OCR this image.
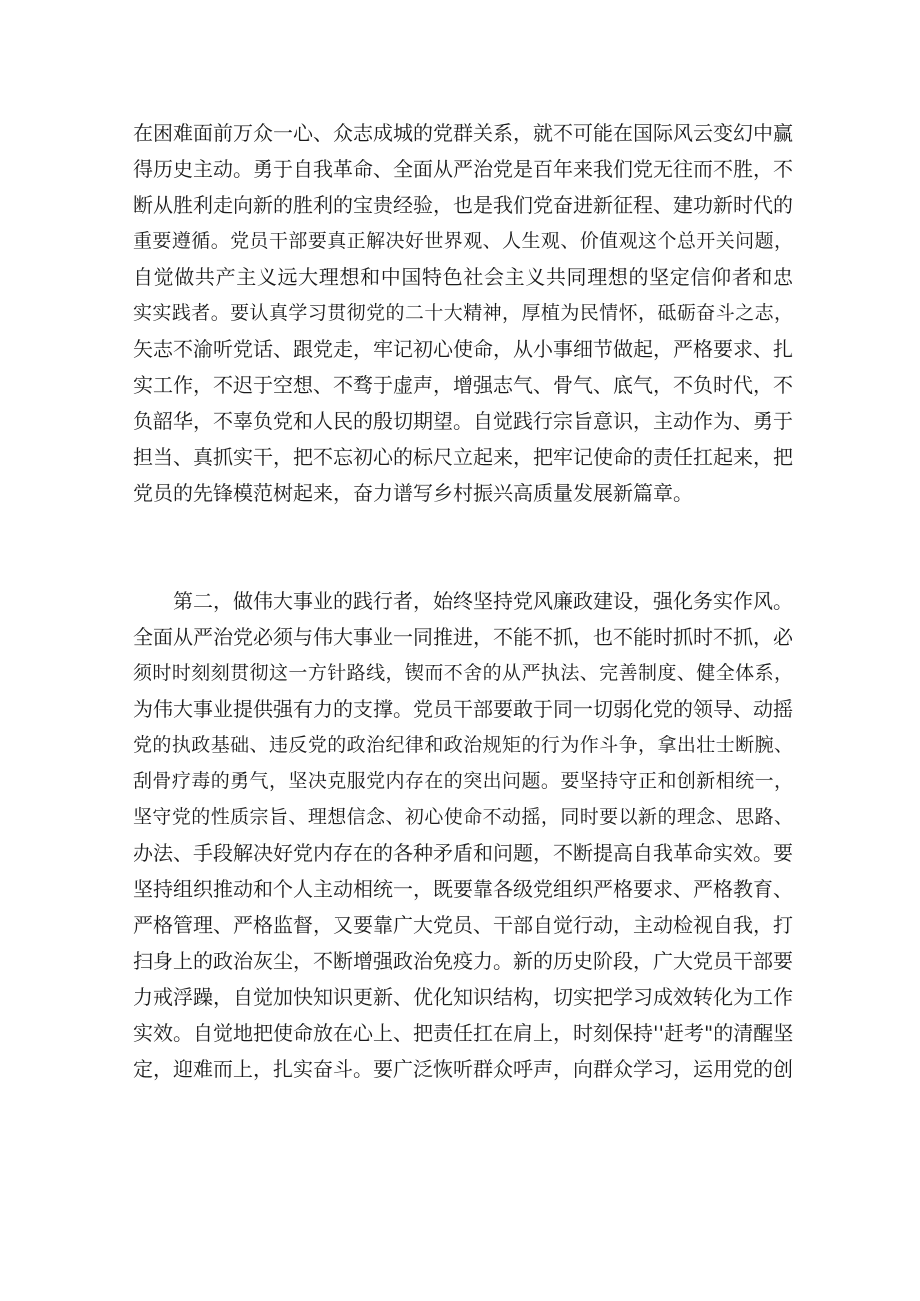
在困难面前万众一心、众志成城的党群关系，就不可能在国际风云变幻中赢
得历史主动。勇于自我革命、全面从严治党是百年来我们党无往而不胜，不
断从胜利走向新的胜利的宝贵经验，也是我们党奋进新征程、建功新时代的
重要遵循。党员干部要真正解决好世界观、人生观、价值观这个总开关问题，
自觉做共产主义远大理想和中国特色社会主义共同理想的坚定信仰者和忠
实实践者。要认真学习贯彻党的二十大精神，厚植为民情怀，砥砺奋斗之志，
矢志不渝听党话、跟党走，牢记初心使命，从小事细节做起，严格要求、扎
实工作，不迟于空想、不骛于虚声，增强志气、骨气、底气，不负时代，不
负韶华，不辜负党和人民的殷切期望。自觉践行宗旨意识，主动作为、勇于
担当、真抓实干，把不忘初心的标尺立起来，把牢记使命的责任扛起来，把
党员的先锋模范树起来，奋力谱写乡村振兴高质量发展新篇章。
第二，做伟大事业的践行者，始终坚持党风廉政建设，强化务实作风。
全面从严治党必须与伟大事业一同推进，不能不抓，也不能时抓时不抓，必
须时时刻刻贯彻这一方针路线，锲而不舍的从严执法、完善制度、健全体系，
为伟大事业提供强有力的支撑。党员干部要敢于同一切弱化党的领导、动摇
党的执政基础、违反党的政治纪律和政治规矩的行为作斗争，拿出壮士断腕、
刮骨疗毒的勇气，坚决克服党内存在的突出问题。要坚持守正和创新相统一，
坚守党的性质宗旨、理想信念、初心使命不动摇，同时要以新的理念、思路、
办法、手段解决好党内存在的各种矛盾和问题，不断提高自我革命实效。要
坚持组织推动和个人主动相统一，既要靠各级党组织严格要求、严格教育、
严格管理、严格监督，又要靠广大党员、干部自觉行动，主动检视自我，打
扫身上的政治灰尘，不断增强政治免疫力。新的历史阶段，广大党员干部要
力戒浮躁，自觉加快知识更新、优化知识结构，切实把学习成效转化为工作
实效。自觉地把使命放在心上、把责任扛在肩上，时刻保持''赶考"的清醒坚
定，迎难而上，扎实奋斗。要广泛恢听群众呼声，向群众学习，运用党的创
